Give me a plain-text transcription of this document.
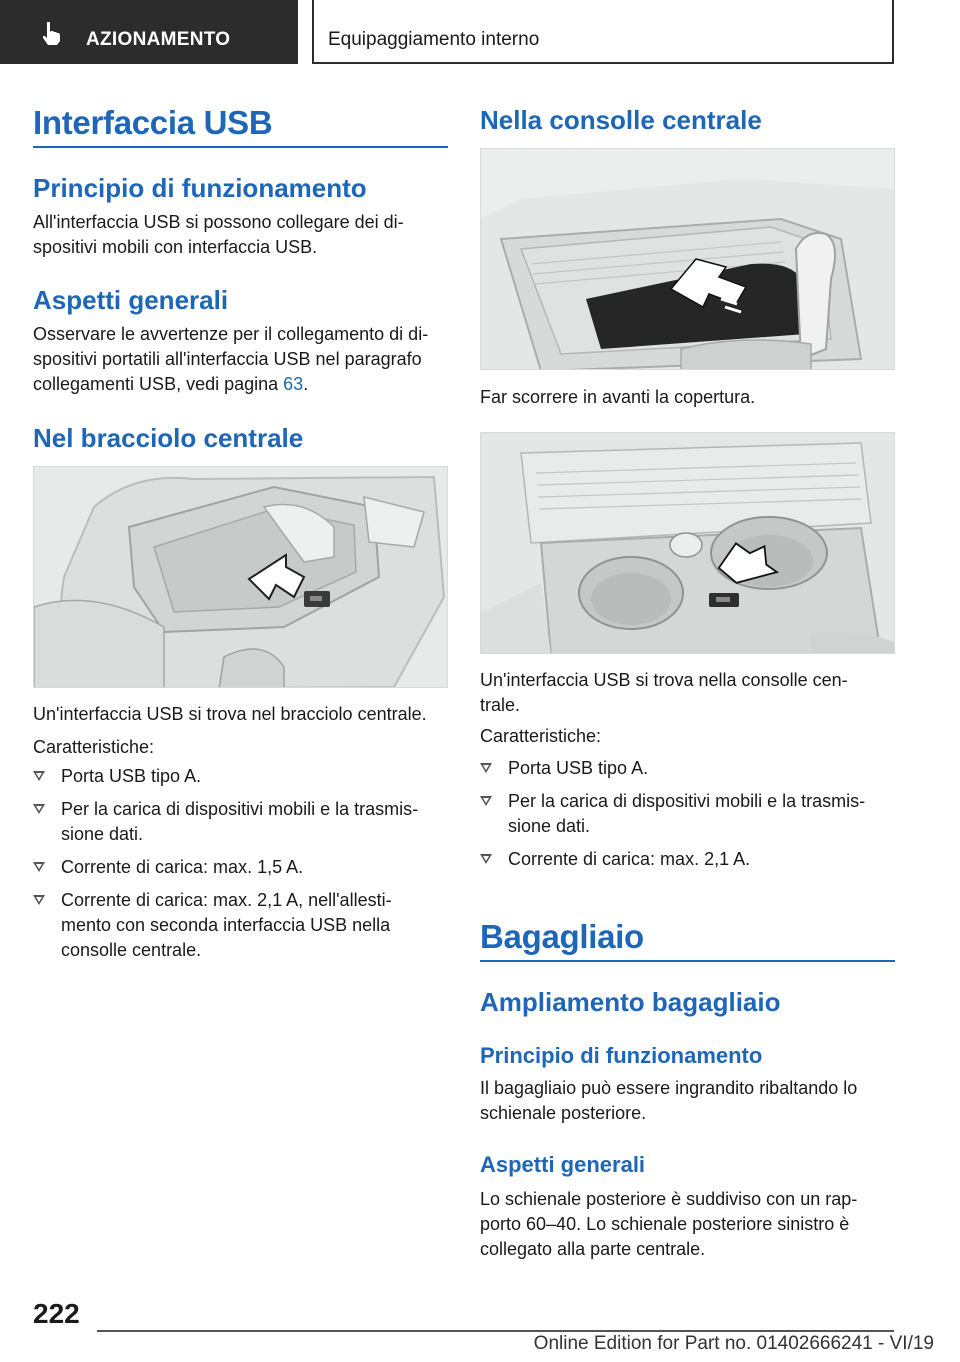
AZIONAMENTO	Equipaggiamento interno
Interfaccia USB
Principio di funzionamento

All'interfaccia USB si possono collegare dei di-
spositivi mobili con interfaccia USB.

Aspetti generali

Osservare le avvertenze per il collegamento di di-
spositivi portatili all'interfaccia USB nel paragrafo
collegamenti USB, vedi pagina 63.

Nel bracciolo centrale

Un'interfaccia USB si trova nel bracciolo centrale.

Caratteristiche:

Porta USB tipo A.
Per la carica di dispositivi mobili e la trasmis-
sione dati.
Corrente di carica: max. 1,5 A.
Corrente di carica: max. 2,1 A, nell'allesti-
mento con seconda interfaccia USB nella
consolle centrale.
Nella consolle centrale

Far scorrere in avanti la copertura.

Un'interfaccia USB si trova nella consolle cen-
trale.

Caratteristiche:

Porta USB tipo A.
Per la carica di dispositivi mobili e la trasmis-
sione dati.
Corrente di carica: max. 2,1 A.
Bagagliaio
Ampliamento bagagliaio
Principio di funzionamento

Il bagagliaio può essere ingrandito ribaltando lo
schienale posteriore.

Aspetti generali

Lo schienale posteriore è suddiviso con un rap-
porto 60–40. Lo schienale posteriore sinistro è
collegato alla parte centrale.

222
Online Edition for Part no. 01402666241 - VI/19
